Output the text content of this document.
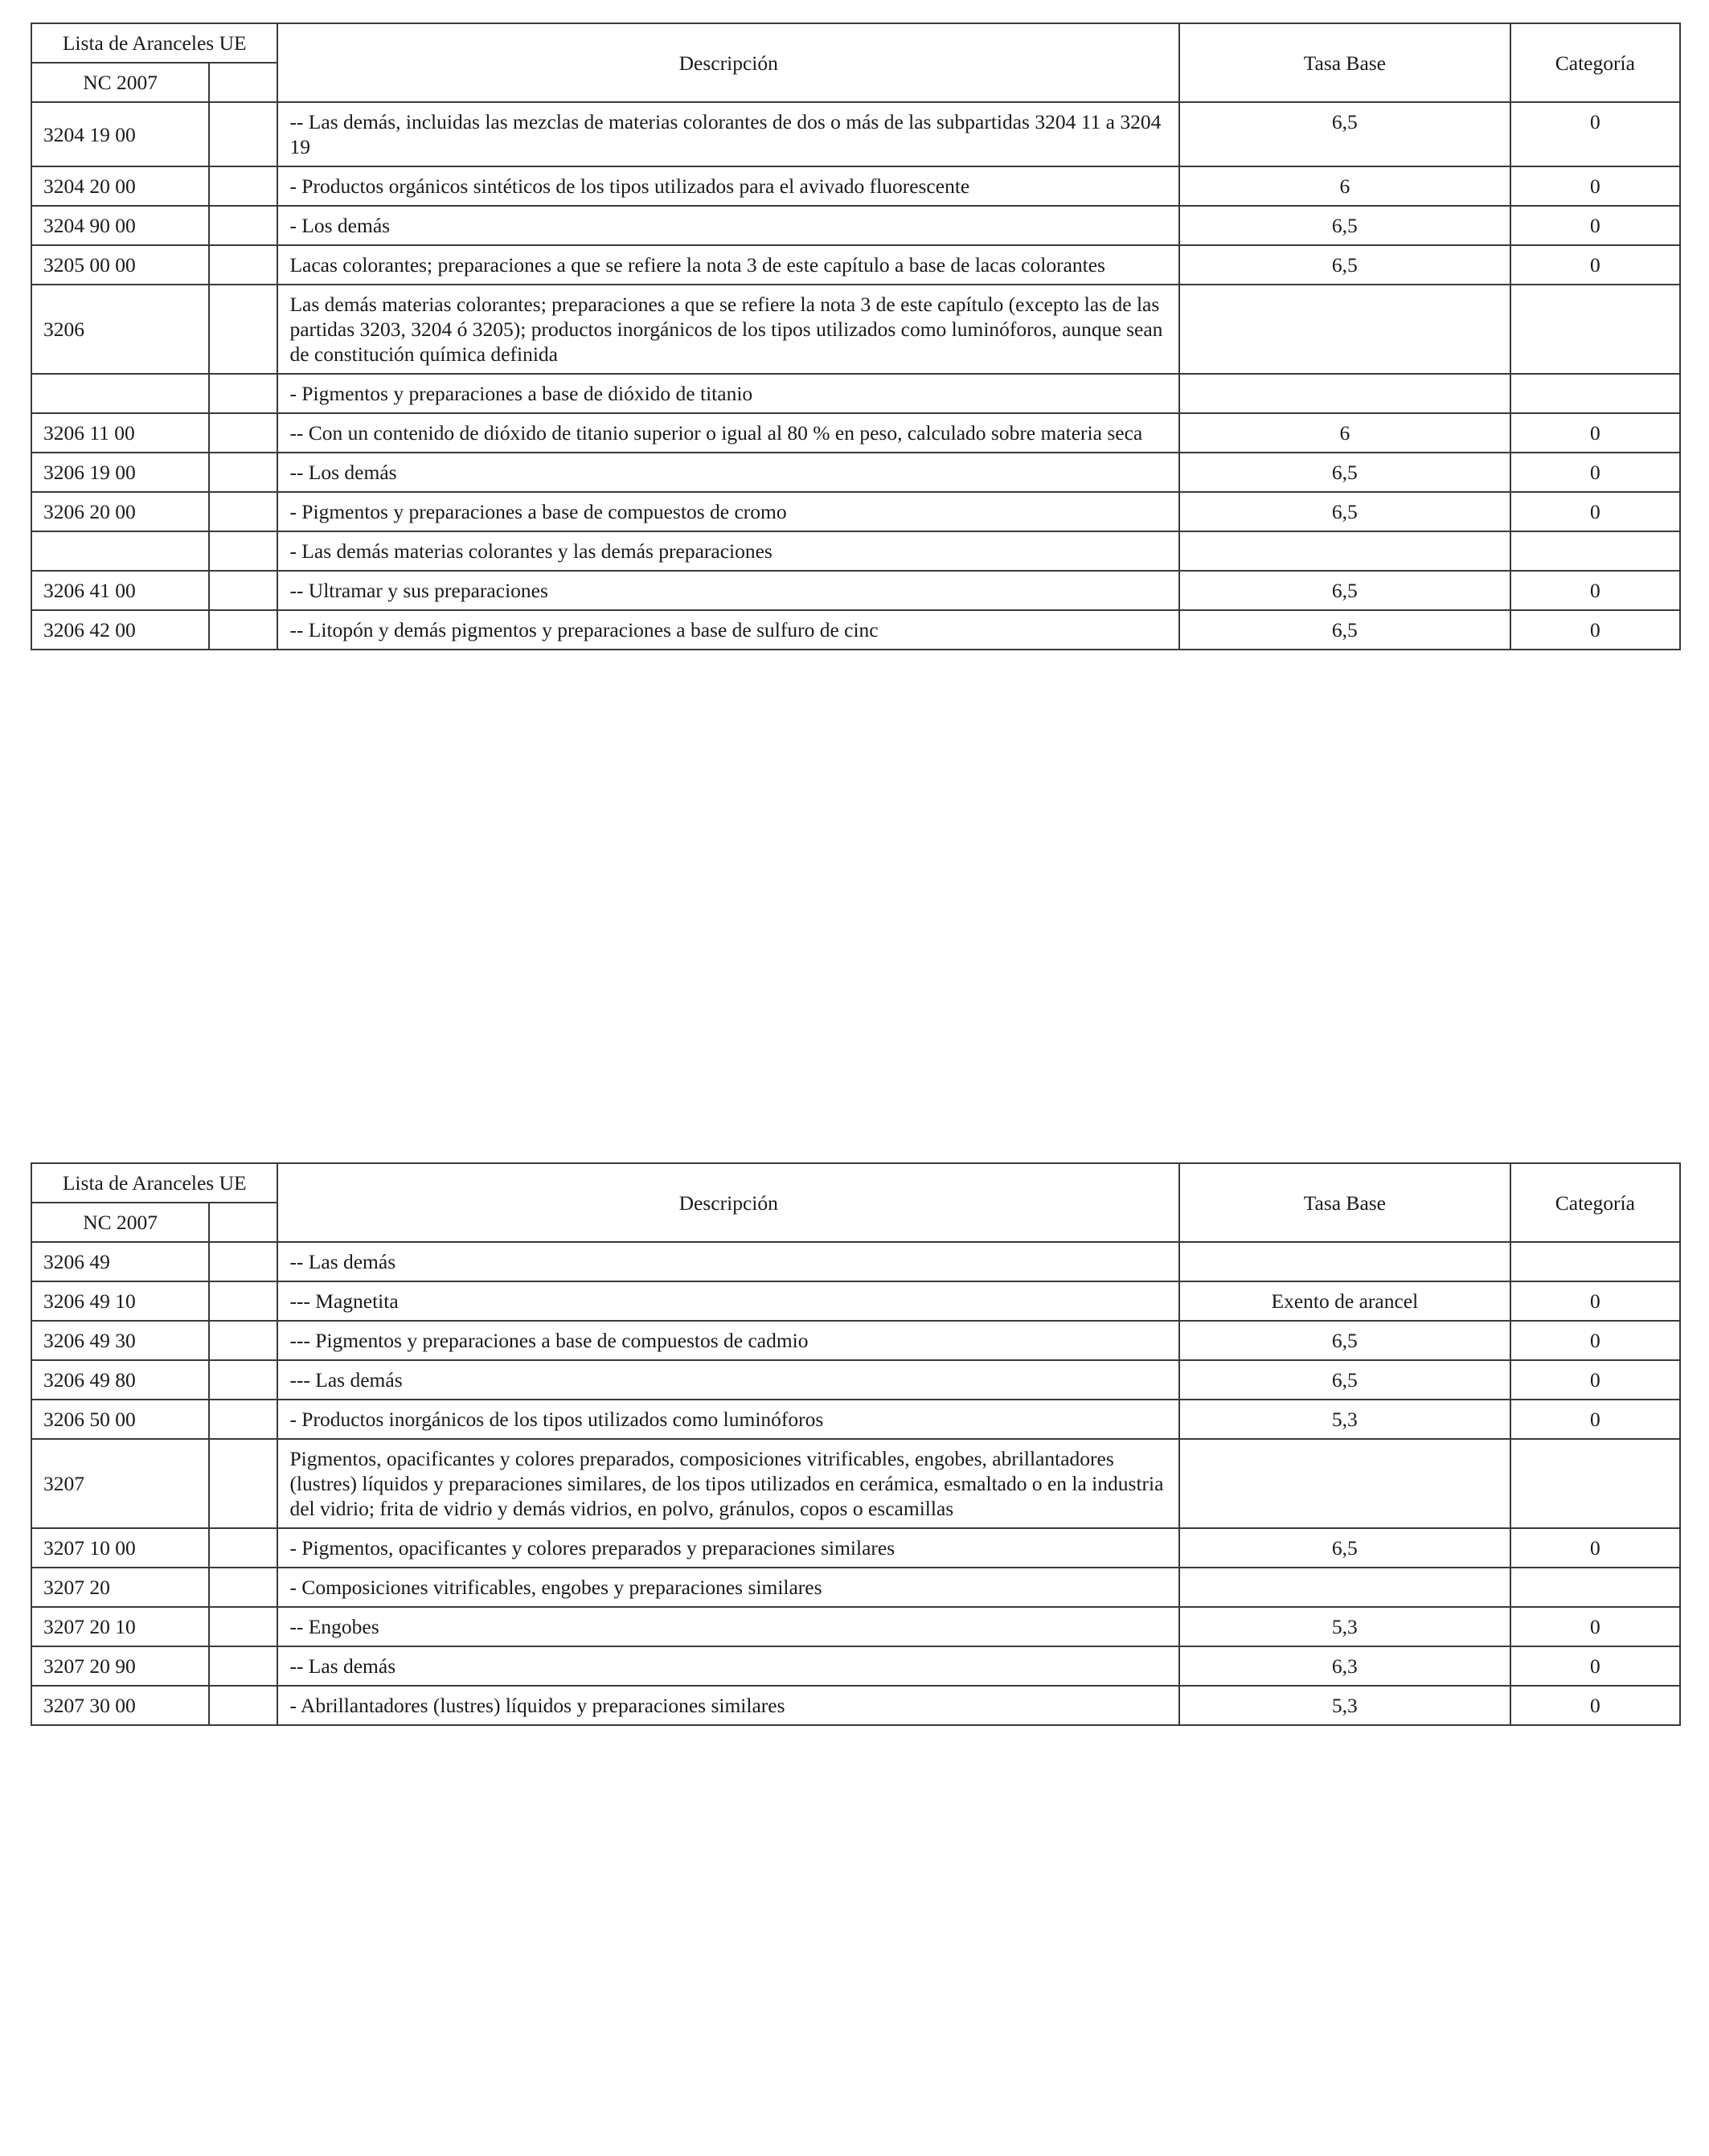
Lista de Aranceles UE		Descripción	Tasa Base	Categoría
NC 2007				
3204 19 00		-- Las demás, incluidas las mezclas de materias colorantes de dos o más de las subpartidas 3204 11 a 3204 19	6,5	0
3204 20 00		- Productos orgánicos sintéticos de los tipos utilizados para el avivado fluorescente	6	0
3204 90 00		- Los demás	6,5	0
3205 00 00		Lacas colorantes; preparaciones a que se refiere la nota 3 de este capítulo a base de lacas colorantes	6,5	0
3206		Las demás materias colorantes; preparaciones a que se refiere la nota 3 de este capítulo (excepto las de las partidas 3203, 3204 ó 3205); productos inorgánicos de los tipos utilizados como luminóforos, aunque sean de constitución química definida		
		- Pigmentos y preparaciones a base de dióxido de titanio		
3206 11 00		-- Con un contenido de dióxido de titanio superior o igual al 80 % en peso, calculado sobre materia seca	6	0
3206 19 00		-- Los demás	6,5	0
3206 20 00		- Pigmentos y preparaciones a base de compuestos de cromo	6,5	0
		- Las demás materias colorantes y las demás preparaciones		
3206 41 00		-- Ultramar y sus preparaciones	6,5	0
3206 42 00		-- Litopón y demás pigmentos y preparaciones a base de sulfuro de cinc	6,5	0
Lista de Aranceles UE		Descripción	Tasa Base	Categoría
NC 2007				
3206 49		-- Las demás		
3206 49 10		--- Magnetita	Exento de arancel	0
3206 49 30		--- Pigmentos y preparaciones a base de compuestos de cadmio	6,5	0
3206 49 80		--- Las demás	6,5	0
3206 50 00		- Productos inorgánicos de los tipos utilizados como luminóforos	5,3	0
3207		Pigmentos, opacificantes y colores preparados, composiciones vitrificables, engobes, abrillantadores (lustres) líquidos y preparaciones similares, de los tipos utilizados en cerámica, esmaltado o en la industria del vidrio; frita de vidrio y demás vidrios, en polvo, gránulos, copos o escamillas		
3207 10 00		- Pigmentos, opacificantes y colores preparados y preparaciones similares	6,5	0
3207 20		- Composiciones vitrificables, engobes y preparaciones similares		
3207 20 10		-- Engobes	5,3	0
3207 20 90		-- Las demás	6,3	0
3207 30 00		- Abrillantadores (lustres) líquidos y preparaciones similares	5,3	0
